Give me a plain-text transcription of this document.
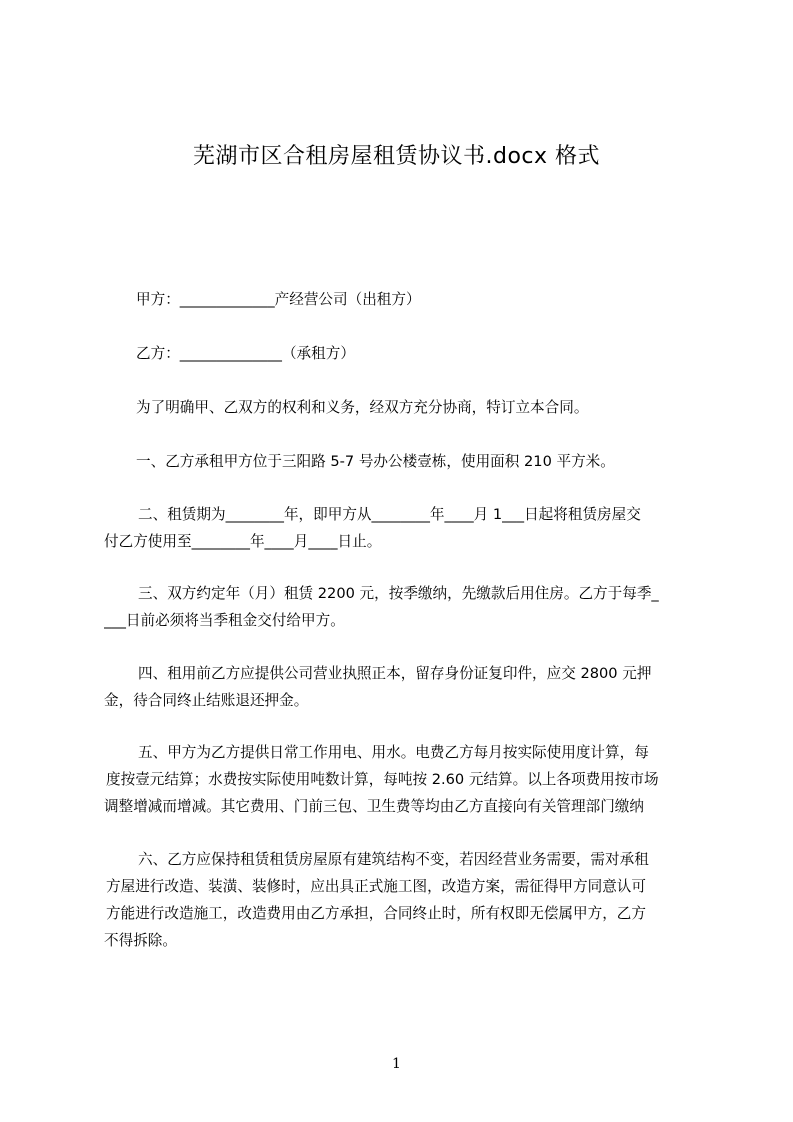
芜湖市区合租房屋租赁协议书.docx 格式
甲方：_____________产经营公司（出租方）
乙方：______________（承租方）
为了明确甲、乙双方的权利和义务，经双方充分协商，特订立本合同。
一、乙方承租甲方位于三阳路 5-7 号办公楼壹栋，使用面积 210 平方米。
二、租赁期为________年，即甲方从________年____月 1___日起将租赁房屋交
付乙方使用至________年____月____日止。
三、双方约定年（月）租赁 2200 元，按季缴纳，先缴款后用住房。乙方于每季_
___日前必须将当季租金交付给甲方。
四、租用前乙方应提供公司营业执照正本，留存身份证复印件，应交 2800 元押
金，待合同终止结账退还押金。
五、甲方为乙方提供日常工作用电、用水。电费乙方每月按实际使用度计算，每
度按壹元结算；水费按实际使用吨数计算，每吨按 2.60 元结算。以上各项费用按市场
调整增减而增减。其它费用、门前三包、卫生费等均由乙方直接向有关管理部门缴纳
六、乙方应保持租赁租赁房屋原有建筑结构不变，若因经营业务需要，需对承租
方屋进行改造、装潢、装修时，应出具正式施工图，改造方案，需征得甲方同意认可
方能进行改造施工，改造费用由乙方承担，合同终止时，所有权即无偿属甲方，乙方
不得拆除。
1
